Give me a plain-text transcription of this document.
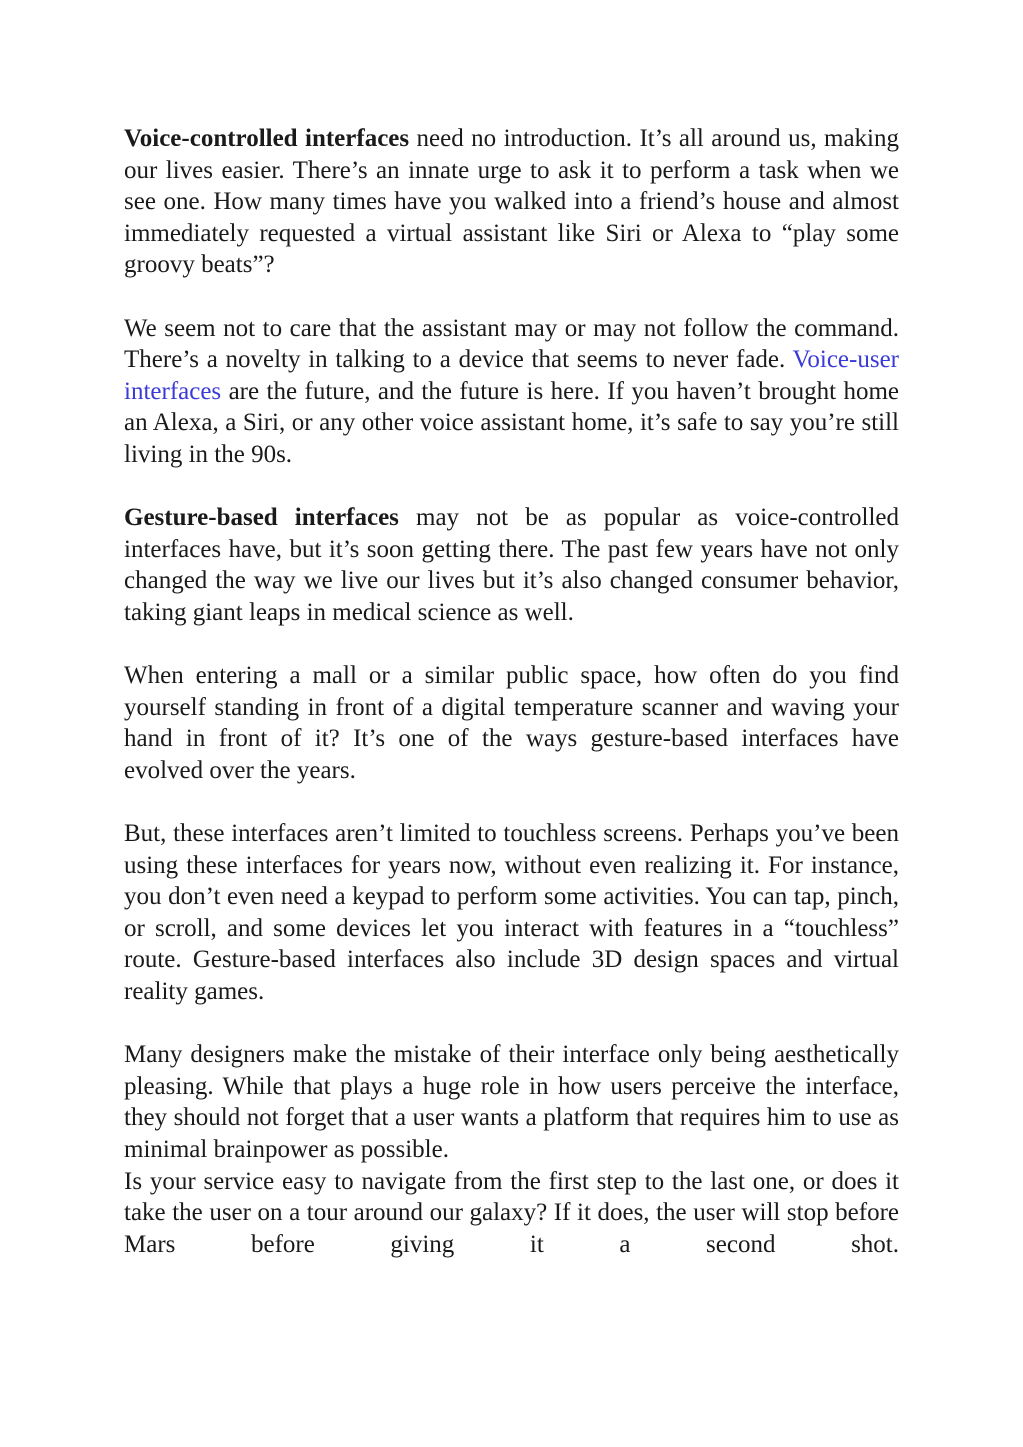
Voice-controlled interfaces need no introduction. It’s all around us, making our lives easier. There’s an innate urge to ask it to perform a task when we see one. How many times have you walked into a friend’s house and almost immediately requested a virtual assistant like Siri or Alexa to “play some groovy beats”?

We seem not to care that the assistant may or may not follow the command. There’s a novelty in talking to a device that seems to never fade. Voice-user interfaces are the future, and the future is here. If you haven’t brought home an Alexa, a Siri, or any other voice assistant home, it’s safe to say you’re still living in the 90s.

Gesture-based interfaces may not be as popular as voice-controlled interfaces have, but it’s soon getting there. The past few years have not only changed the way we live our lives but it’s also changed consumer behavior, taking giant leaps in medical science as well.

When entering a mall or a similar public space, how often do you find yourself standing in front of a digital temperature scanner and waving your hand in front of it? It’s one of the ways gesture-based interfaces have evolved over the years.

But, these interfaces aren’t limited to touchless screens. Perhaps you’ve been using these interfaces for years now, without even realizing it. For instance, you don’t even need a keypad to perform some activities. You can tap, pinch, or scroll, and some devices let you interact with features in a “touchless” route. Gesture-based interfaces also include 3D design spaces and virtual reality games.

Many designers make the mistake of their interface only being aesthetically pleasing. While that plays a huge role in how users perceive the interface, they should not forget that a user wants a platform that requires him to use as minimal brainpower as possible.

Is your service easy to navigate from the first step to the last one, or does it take the user on a tour around our galaxy? If it does, the user will stop before Mars before giving it a second shot.
